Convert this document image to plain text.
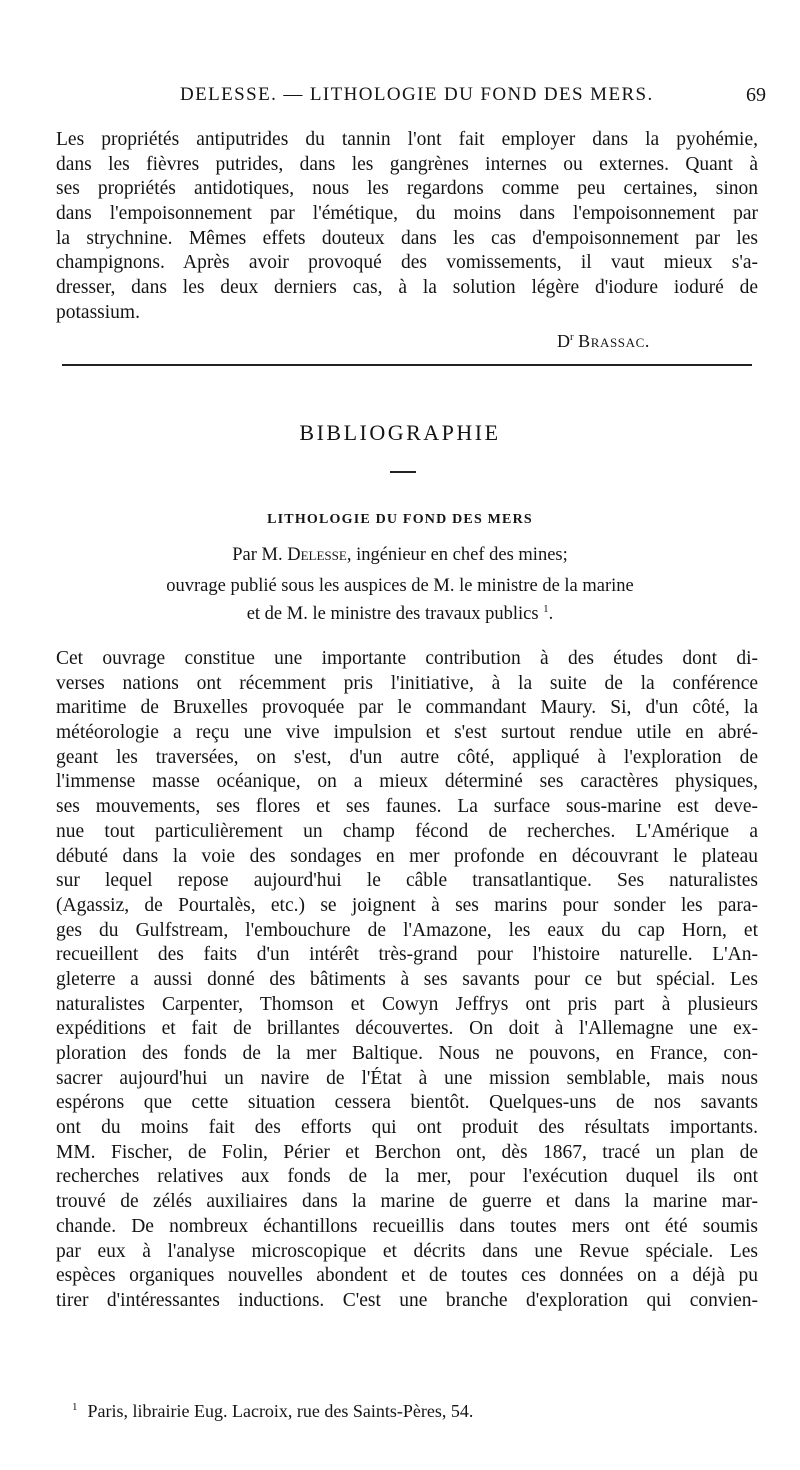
DELESSE. — LITHOLOGIE DU FOND DES MERS.	69
Les propriétés antiputrides du tannin l'ont fait employer dans la pyohémie,
dans les fièvres putrides, dans les gangrènes internes ou externes. Quant à
ses propriétés antidotiques, nous les regardons comme peu certaines, sinon
dans l'empoisonnement par l'émétique, du moins dans l'empoisonnement par
la strychnine. Mêmes effets douteux dans les cas d'empoisonnement par les
champignons. Après avoir provoqué des vomissements, il vaut mieux s'a-
dresser, dans les deux derniers cas, à la solution légère d'iodure ioduré de
potassium.
$D^r$ Brassac.
BIBLIOGRAPHIE
LITHOLOGIE DU FOND DES MERS
Par M. Delesse, ingénieur en chef des mines;
ouvrage publié sous les auspices de M. le ministre de la marine
et de M. le ministre des travaux publics $^1$.
Cet ouvrage constitue une importante contribution à des études dont di-
verses nations ont récemment pris l'initiative, à la suite de la conférence
maritime de Bruxelles provoquée par le commandant Maury. Si, d'un côté, la
météorologie a reçu une vive impulsion et s'est surtout rendue utile en abré-
geant les traversées, on s'est, d'un autre côté, appliqué à l'exploration de
l'immense masse océanique, on a mieux déterminé ses caractères physiques,
ses mouvements, ses flores et ses faunes. La surface sous-marine est deve-
nue tout particulièrement un champ fécond de recherches. L'Amérique a
débuté dans la voie des sondages en mer profonde en découvrant le plateau
sur lequel repose aujourd'hui le câble transatlantique. Ses naturalistes
(Agassiz, de Pourtalès, etc.) se joignent à ses marins pour sonder les para-
ges du Gulfstream, l'embouchure de l'Amazone, les eaux du cap Horn, et
recueillent des faits d'un intérêt très-grand pour l'histoire naturelle. L'An-
gleterre a aussi donné des bâtiments à ses savants pour ce but spécial. Les
naturalistes Carpenter, Thomson et Cowyn Jeffrys ont pris part à plusieurs
expéditions et fait de brillantes découvertes. On doit à l'Allemagne une ex-
ploration des fonds de la mer Baltique. Nous ne pouvons, en France, con-
sacrer aujourd'hui un navire de l'État à une mission semblable, mais nous
espérons que cette situation cessera bientôt. Quelques-uns de nos savants
ont du moins fait des efforts qui ont produit des résultats importants.
MM. Fischer, de Folin, Périer et Berchon ont, dès 1867, tracé un plan de
recherches relatives aux fonds de la mer, pour l'exécution duquel ils ont
trouvé de zélés auxiliaires dans la marine de guerre et dans la marine mar-
chande. De nombreux échantillons recueillis dans toutes mers ont été soumis
par eux à l'analyse microscopique et décrits dans une Revue spéciale. Les
espèces organiques nouvelles abondent et de toutes ces données on a déjà pu
tirer d'intéressantes inductions. C'est une branche d'exploration qui convien-
$^1$ Paris, librairie Eug. Lacroix, rue des Saints-Pères, 54.
